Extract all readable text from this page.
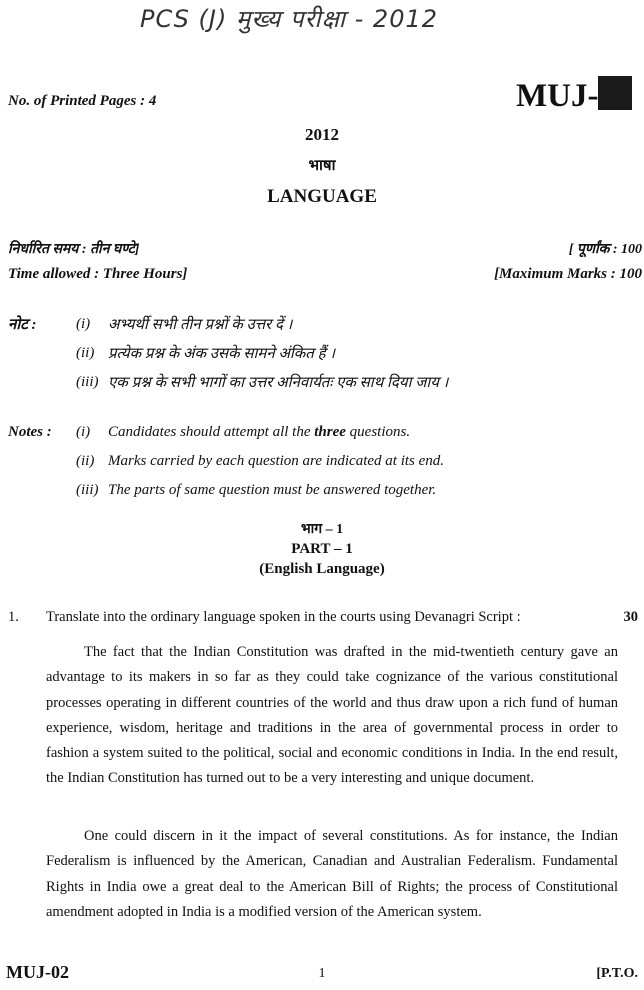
PCS (J) मुख्य परीक्षा - 2012
No. of Printed Pages : 4	MUJ-
2012
भाषा
LANGUAGE
निर्धारित समय : तीन घण्टे]	[ पूर्णांक : 100
Time allowed : Three Hours]	[Maximum Marks : 100
नोट :	(i) अभ्यर्थी सभी तीन प्रश्नों के उत्तर दें ।
(ii) प्रत्येक प्रश्न के अंक उसके सामने अंकित हैं ।
(iii) एक प्रश्न के सभी भागों का उत्तर अनिवार्यतः एक साथ दिया जाय ।
Notes : (i) Candidates should attempt all the three questions.
(ii) Marks carried by each question are indicated at its end.
(iii) The parts of same question must be answered together.
भाग – 1
PART – 1
(English Language)
1. Translate into the ordinary language spoken in the courts using Devanagri Script :	30
The fact that the Indian Constitution was drafted in the mid-twentieth century gave an advantage to its makers in so far as they could take cognizance of the various constitutional processes operating in different countries of the world and thus draw upon a rich fund of human experience, wisdom, heritage and traditions in the area of governmental process in order to fashion a system suited to the political, social and economic conditions in India. In the end result, the Indian Constitution has turned out to be a very interesting and unique document.
One could discern in it the impact of several constitutions. As for instance, the Indian Federalism is influenced by the American, Canadian and Australian Federalism. Fundamental Rights in India owe a great deal to the American Bill of Rights; the process of Constitutional amendment adopted in India is a modified version of the American system.
MUJ-02	1	[P.T.O.
